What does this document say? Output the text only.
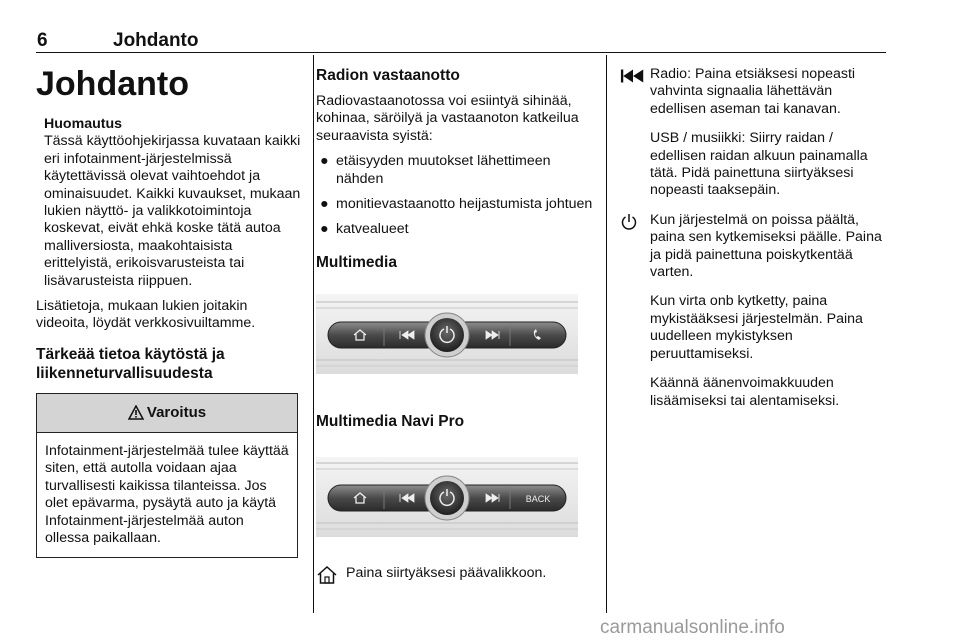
6	Johdanto
Johdanto
Huomautus

Tässä käyttöohjekirjassa kuvataan kaikki eri infotainment-järjestelmissä käytettävissä olevat vaihtoehdot ja ominaisuudet. Kaikki kuvaukset, mukaan lukien näyttö- ja valikkotoimintoja koskevat, eivät ehkä koske tätä autoa malliversiosta, maakohtaisista erittelyistä, erikoisvarusteista tai lisävarusteista riippuen.

Lisätietoja, mukaan lukien joitakin videoita, löydät verkkosivuiltamme.

Tärkeää tietoa käytöstä ja liikenneturvallisuudesta
Varoitus
Infotainment-järjestelmää tulee käyttää siten, että autolla voidaan ajaa turvallisesti kaikissa tilanteissa. Jos olet epävarma, pysäytä auto ja käytä Infotainment-järjestelmää auton ollessa paikallaan.
Radion vastaanotto

Radiovastaanotossa voi esiintyä sihinää, kohinaa, säröilyä ja vastaanoton katkeilua seuraavista syistä:

● etäisyyden muutokset lähettimeen nähden
● monitievastaanotto heijastumista johtuen
● katvealueet
Multimedia
Multimedia Navi Pro
BACK
Paina siirtyäksesi päävalikkoon.
Radio: Paina etsiäksesi nopeasti vahvinta signaalia lähettävän edellisen aseman tai kanavan.

USB / musiikki: Siirry raidan / edellisen raidan alkuun painamalla tätä. Pidä painettuna siirtyäksesi nopeasti taaksepäin.

Kun järjestelmä on poissa päältä, paina sen kytkemiseksi päälle. Paina ja pidä painettuna poiskytkentää varten.

Kun virta onb kytketty, paina mykistääksesi järjestelmän. Paina uudelleen mykistyksen peruuttamiseksi.

Käännä äänenvoimakkuuden lisäämiseksi tai alentamiseksi.

carmanualsonline.info
